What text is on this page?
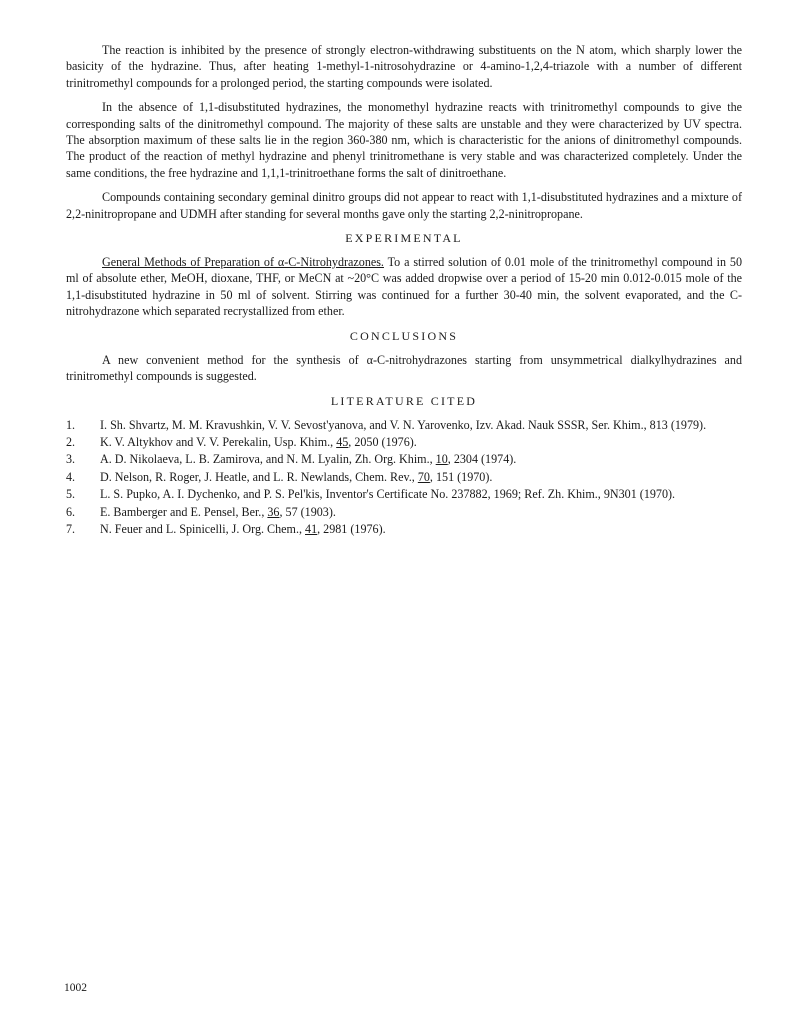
The reaction is inhibited by the presence of strongly electron-withdrawing substituents on the N atom, which sharply lower the basicity of the hydrazine. Thus, after heating 1-methyl-1-nitrosohydrazine or 4-amino-1,2,4-triazole with a number of different trinitromethyl compounds for a prolonged period, the starting compounds were isolated.

In the absence of 1,1-disubstituted hydrazines, the monomethyl hydrazine reacts with trinitromethyl compounds to give the corresponding salts of the dinitromethyl compound. The majority of these salts are unstable and they were characterized by UV spectra. The absorption maximum of these salts lie in the region 360-380 nm, which is characteristic for the anions of dinitromethyl compounds. The product of the reaction of methyl hydrazine and phenyl trinitromethane is very stable and was characterized completely. Under the same conditions, the free hydrazine and 1,1,1-trinitroethane forms the salt of dinitroethane.

Compounds containing secondary geminal dinitro groups did not appear to react with 1,1-disubstituted hydrazines and a mixture of 2,2-ninitropropane and UDMH after standing for several months gave only the starting 2,2-ninitropropane.

EXPERIMENTAL

General Methods of Preparation of α-C-Nitrohydrazones. To a stirred solution of 0.01 mole of the trinitromethyl compound in 50 ml of absolute ether, MeOH, dioxane, THF, or MeCN at ~20°C was added dropwise over a period of 15-20 min 0.012-0.015 mole of the 1,1-disubstituted hydrazine in 50 ml of solvent. Stirring was continued for a further 30-40 min, the solvent evaporated, and the C-nitrohydrazone which separated recrystallized from ether.

CONCLUSIONS

A new convenient method for the synthesis of α-C-nitrohydrazones starting from unsymmetrical dialkylhydrazines and trinitromethyl compounds is suggested.

LITERATURE CITED
1. I. Sh. Shvartz, M. M. Kravushkin, V. V. Sevost'yanova, and V. N. Yarovenko, Izv. Akad. Nauk SSSR, Ser. Khim., 813 (1979).
2. K. V. Altykhov and V. V. Perekalin, Usp. Khim., 45, 2050 (1976).
3. A. D. Nikolaeva, L. B. Zamirova, and N. M. Lyalin, Zh. Org. Khim., 10, 2304 (1974).
4. D. Nelson, R. Roger, J. Heatle, and L. R. Newlands, Chem. Rev., 70, 151 (1970).
5. L. S. Pupko, A. I. Dychenko, and P. S. Pel'kis, Inventor's Certificate No. 237882, 1969; Ref. Zh. Khim., 9N301 (1970).
6. E. Bamberger and E. Pensel, Ber., 36, 57 (1903).
7. N. Feuer and L. Spinicelli, J. Org. Chem., 41, 2981 (1976).
1002
